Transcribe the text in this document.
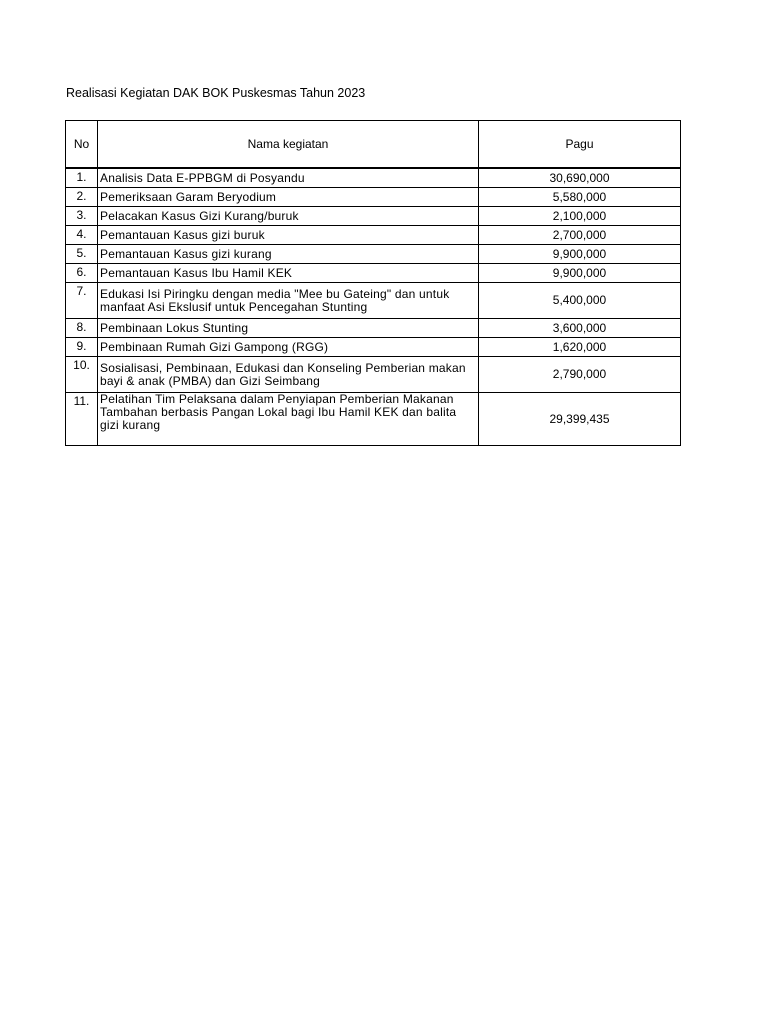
Realisasi Kegiatan DAK BOK Puskesmas Tahun 2023
No	Nama kegiatan	Pagu
1.	Analisis Data E-PPBGM di Posyandu	30,690,000
2.	Pemeriksaan Garam Beryodium	5,580,000
3.	Pelacakan Kasus Gizi Kurang/buruk	2,100,000
4.	Pemantauan Kasus gizi buruk	2,700,000
5.	Pemantauan Kasus gizi kurang	9,900,000
6.	Pemantauan Kasus Ibu Hamil KEK	9,900,000
7.	Edukasi Isi Piringku dengan media "Mee bu Gateing" dan untuk manfaat Asi Ekslusif untuk Pencegahan Stunting	5,400,000
8.	Pembinaan Lokus Stunting	3,600,000
9.	Pembinaan Rumah Gizi Gampong (RGG)	1,620,000
10.	Sosialisasi, Pembinaan, Edukasi dan Konseling Pemberian makan bayi & anak (PMBA) dan Gizi Seimbang	2,790,000
11.	Pelatihan Tim Pelaksana dalam Penyiapan Pemberian Makanan Tambahan berbasis Pangan Lokal bagi Ibu Hamil KEK dan balita gizi kurang	29,399,435
